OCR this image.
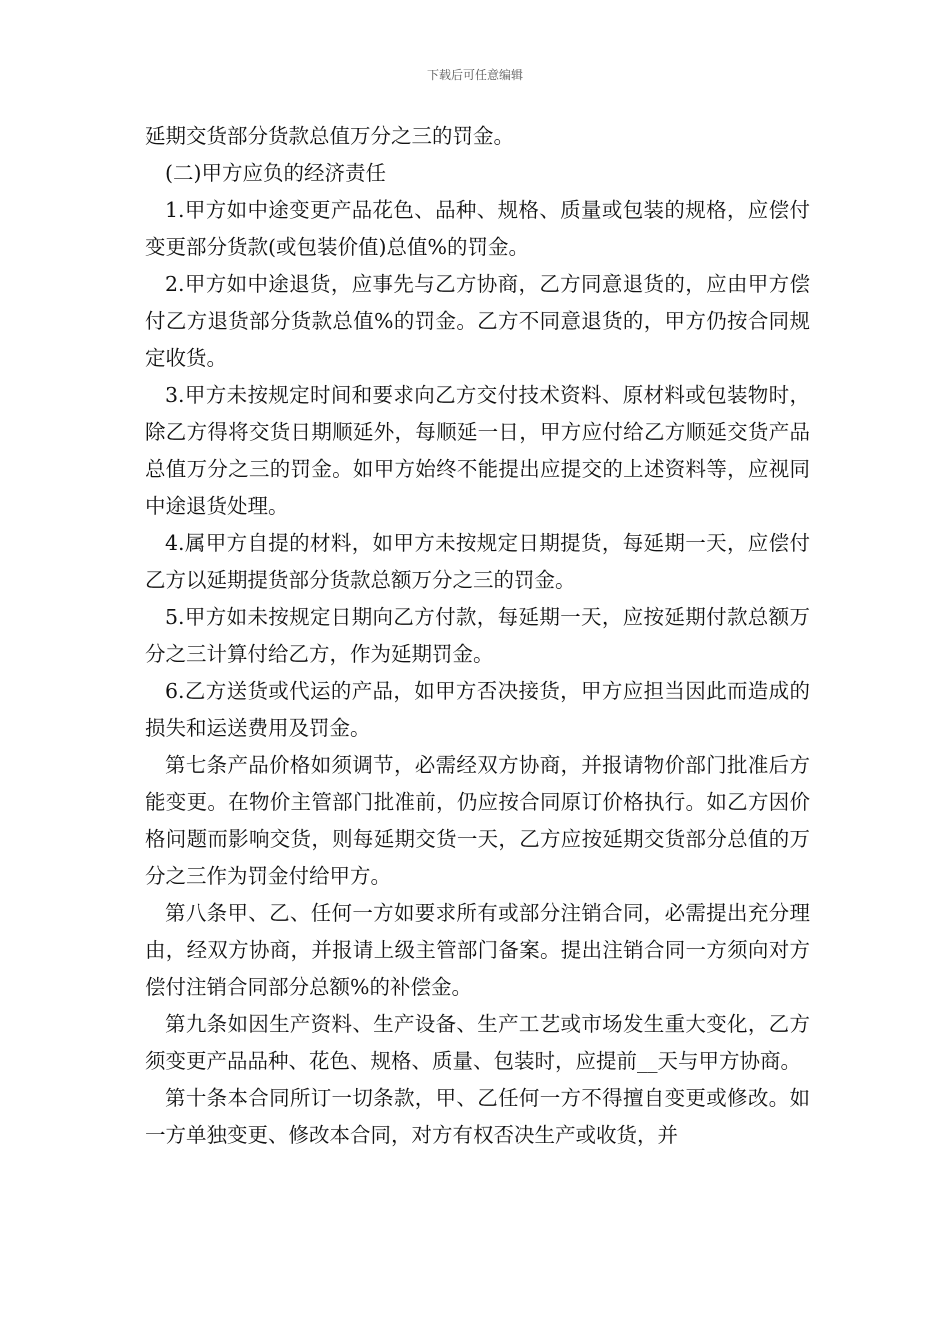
下载后可任意编辑

延期交货部分货款总值万分之三的罚金。

(二)甲方应负的经济责任

1.甲方如中途变更产品花色、品种、规格、质量或包装的规格，应偿付变更部分货款(或包装价值)总值%的罚金。

2.甲方如中途退货，应事先与乙方协商，乙方同意退货的，应由甲方偿付乙方退货部分货款总值%的罚金。乙方不同意退货的，甲方仍按合同规定收货。

3.甲方未按规定时间和要求向乙方交付技术资料、原材料或包装物时，除乙方得将交货日期顺延外，每顺延一日，甲方应付给乙方顺延交货产品总值万分之三的罚金。如甲方始终不能提出应提交的上述资料等，应视同中途退货处理。

4.属甲方自提的材料，如甲方未按规定日期提货，每延期一天，应偿付乙方以延期提货部分货款总额万分之三的罚金。

5.甲方如未按规定日期向乙方付款，每延期一天，应按延期付款总额万分之三计算付给乙方，作为延期罚金。

6.乙方送货或代运的产品，如甲方否决接货，甲方应担当因此而造成的损失和运送费用及罚金。

第七条产品价格如须调节，必需经双方协商，并报请物价部门批准后方能变更。在物价主管部门批准前，仍应按合同原订价格执行。如乙方因价格问题而影响交货，则每延期交货一天，乙方应按延期交货部分总值的万分之三作为罚金付给甲方。

第八条甲、乙、任何一方如要求所有或部分注销合同，必需提出充分理由，经双方协商，并报请上级主管部门备案。提出注销合同一方须向对方偿付注销合同部分总额%的补偿金。

第九条如因生产资料、生产设备、生产工艺或市场发生重大变化，乙方须变更产品品种、花色、规格、质量、包装时，应提前__天与甲方协商。

第十条本合同所订一切条款，甲、乙任何一方不得擅自变更或修改。如一方单独变更、修改本合同，对方有权否决生产或收货，并
